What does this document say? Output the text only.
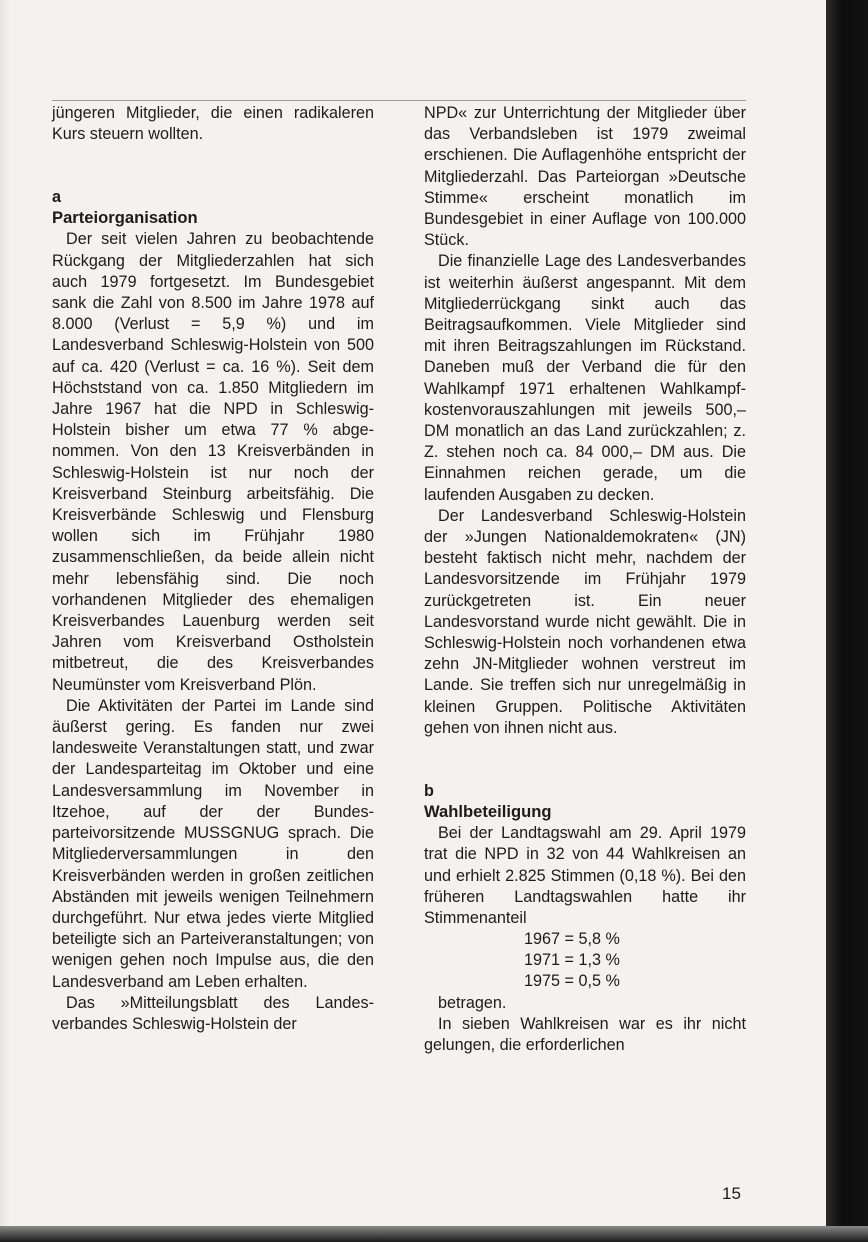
jüngeren Mitglieder, die einen radikaleren Kurs steuern wollten.

a
Parteiorganisation

Der seit vielen Jahren zu beobachtende Rückgang der Mitgliederzahlen hat sich auch 1979 fortgesetzt. Im Bundesgebiet sank die Zahl von 8.500 im Jahre 1978 auf 8.000 (Verlust = 5,9 %) und im Landesverband Schleswig-Holstein von 500 auf ca. 420 (Verlust = ca. 16 %). Seit dem Höchststand von ca. 1.850 Mitgliedern im Jahre 1967 hat die NPD in Schleswig-Holstein bisher um etwa 77 % abgenommen. Von den 13 Kreisverbänden in Schleswig-Holstein ist nur noch der Kreisverband Steinburg arbeitsfähig. Die Kreisverbände Schleswig und Flensburg wollen sich im Frühjahr 1980 zusammenschließen, da beide allein nicht mehr lebensfähig sind. Die noch vorhandenen Mitglieder des ehemaligen Kreisverbandes Lauenburg werden seit Jahren vom Kreisverband Ostholstein mitbetreut, die des Kreisverbandes Neumünster vom Kreisverband Plön.

Die Aktivitäten der Partei im Lande sind äußerst gering. Es fanden nur zwei landesweite Veranstaltungen statt, und zwar der Landesparteitag im Oktober und eine Landesversammlung im November in Itzehoe, auf der der Bundesparteivorsitzende MUSSGNUG sprach. Die Mitgliederversammlungen in den Kreisverbänden werden in großen zeitlichen Abständen mit jeweils wenigen Teilnehmern durchgeführt. Nur etwa jedes vierte Mitglied beteiligte sich an Parteiveranstaltungen; von wenigen gehen noch Impulse aus, die den Landesverband am Leben erhalten.

Das »Mitteilungsblatt des Landesverbandes Schleswig-Holstein der

NPD« zur Unterrichtung der Mitglieder über das Verbandsleben ist 1979 zweimal erschienen. Die Auflagenhöhe entspricht der Mitgliederzahl. Das Parteiorgan »Deutsche Stimme« erscheint monatlich im Bundesgebiet in einer Auflage von 100.000 Stück.

Die finanzielle Lage des Landesverbandes ist weiterhin äußerst angespannt. Mit dem Mitgliederrückgang sinkt auch das Beitragsaufkommen. Viele Mitglieder sind mit ihren Beitragszahlungen im Rückstand. Daneben muß der Verband die für den Wahlkampf 1971 erhaltenen Wahlkampfkostenvorauszahlungen mit jeweils 500,– DM monatlich an das Land zurückzahlen; z. Z. stehen noch ca. 84 000,– DM aus. Die Einnahmen reichen gerade, um die laufenden Ausgaben zu decken.

Der Landesverband Schleswig-Holstein der »Jungen Nationaldemokraten« (JN) besteht faktisch nicht mehr, nachdem der Landesvorsitzende im Frühjahr 1979 zurückgetreten ist. Ein neuer Landesvorstand wurde nicht gewählt. Die in Schleswig-Holstein noch vorhandenen etwa zehn JN-Mitglieder wohnen verstreut im Lande. Sie treffen sich nur unregelmäßig in kleinen Gruppen. Politische Aktivitäten gehen von ihnen nicht aus.

b
Wahlbeteiligung

Bei der Landtagswahl am 29. April 1979 trat die NPD in 32 von 44 Wahlkreisen an und erhielt 2.825 Stimmen (0,18 %). Bei den früheren Landtagswahlen hatte ihr Stimmenanteil

1967 = 5,8 %
1971 = 1,3 %
1975 = 0,5 %

betragen.

In sieben Wahlkreisen war es ihr nicht gelungen, die erforderlichen

15
